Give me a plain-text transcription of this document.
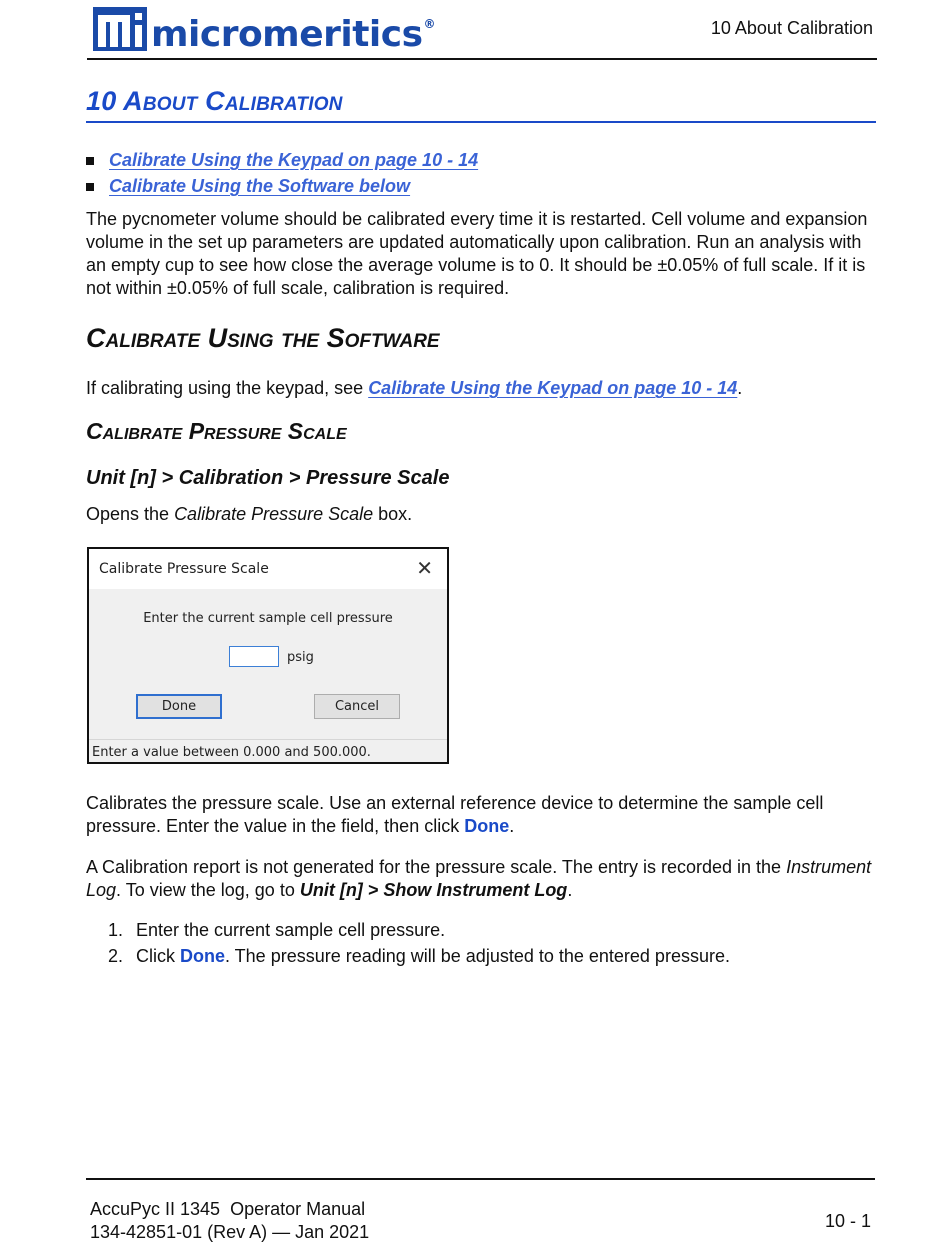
micromeritics®	10 About Calibration
10 About Calibration
Calibrate Using the Keypad on page 10 - 14
Calibrate Using the Software below
The pycnometer volume should be calibrated every time it is restarted. Cell volume and expansion volume in the set up parameters are updated automatically upon calibration. Run an analysis with an empty cup to see how close the average volume is to 0. It should be ±0.05% of full scale. If it is not within ±0.05% of full scale, calibration is required.
Calibrate Using the Software
If calibrating using the keypad, see Calibrate Using the Keypad on page 10 - 14.
Calibrate Pressure Scale
Unit [n] > Calibration > Pressure Scale
Opens the Calibrate Pressure Scale box.
Calibrate Pressure Scale	✕
Enter the current sample cell pressure
psig
Done	Cancel
Enter a value between 0.000 and 500.000.
Calibrates the pressure scale. Use an external reference device to determine the sample cell pressure. Enter the value in the field, then click Done.
A Calibration report is not generated for the pressure scale. The entry is recorded in the Instrument Log. To view the log, go to Unit [n] > Show Instrument Log.
1. Enter the current sample cell pressure.
2. Click Done. The pressure reading will be adjusted to the entered pressure.
AccuPyc II 1345  Operator Manual
134-42851-01 (Rev A) — Jan 2021
10 - 1
